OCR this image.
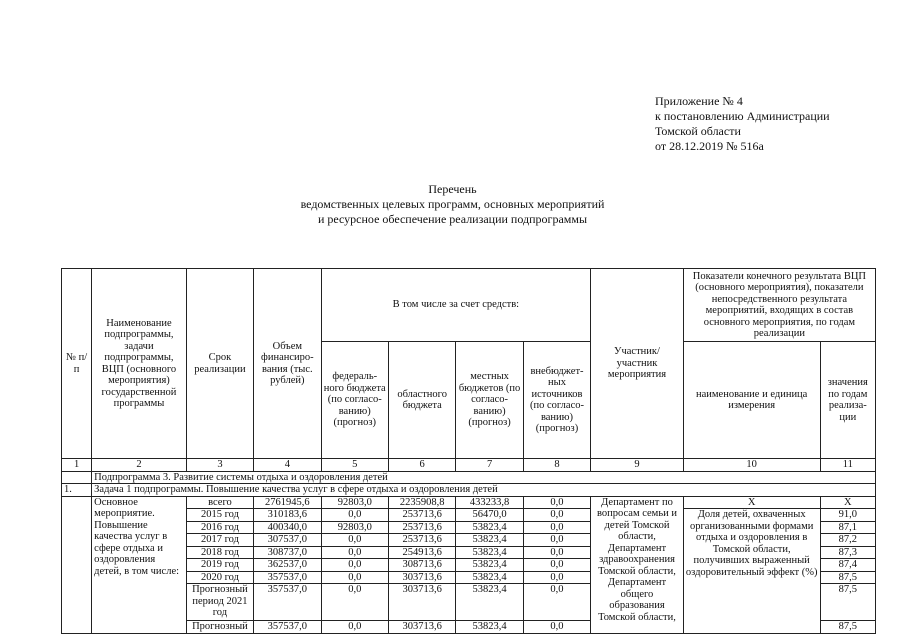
Приложение № 4
к постановлению Администрации
Томской области
от 28.12.2019 № 516а
Перечень
ведомственных целевых программ, основных мероприятий
и ресурсное обеспечение реализации подпрограммы
№ п/п	Наименование подпрограммы, задачи подпрограммы, ВЦП (основного мероприятия) государственной программы	Срок реализации	Объем финансиро-вания (тыс. рублей)	В том числе за счет средств:				Участник/ участник мероприятия	Показатели конечного результата ВЦП (основного мероприятия), показатели непосредственного результата мероприятий, входящих в состав основного мероприятия, по годам реализации	
				федераль-ного бюджета (по согласо-ванию) (прогноз)	областного бюджета	местных бюджетов (по согласо-ванию) (прогноз)	внебюджет-ных источников (по согласо-ванию) (прогноз)		наименование и единица измерения	значения по годам реализа-ции
1	2	3	4	5	6	7	8	9	10	11
	Подпрограмма 3. Развитие системы отдыха и оздоровления детей									
1.	Задача 1 подпрограммы. Повышение качества услуг в сфере отдыха и оздоровления детей									
	Основное мероприятие. Повышение качества услуг в сфере отдыха и оздоровления детей, в том числе:	всего	2761945,6	92803,0	2235908,8	433233,8	0,0	Департамент по вопросам семьи и детей Томской области, Департамент здравоохранения Томской области, Департамент общего образования Томской области,	Х	Х
		2015 год	310183,6	0,0	253713,6	56470,0	0,0		Доля детей, охваченных организованными формами отдыха и оздоровления в Томской области, получивших выраженный оздоровительный эффект (%)	91,0
		2016 год	400340,0	92803,0	253713,6	53823,4	0,0			87,1
		2017 год	307537,0	0,0	253713,6	53823,4	0,0			87,2
		2018 год	308737,0	0,0	254913,6	53823,4	0,0			87,3
		2019 год	362537,0	0,0	308713,6	53823,4	0,0			87,4
		2020 год	357537,0	0,0	303713,6	53823,4	0,0			87,5
		Прогнозный период 2021 год	357537,0	0,0	303713,6	53823,4	0,0			87,5
		Прогнозный	357537,0	0,0	303713,6	53823,4	0,0			87,5
